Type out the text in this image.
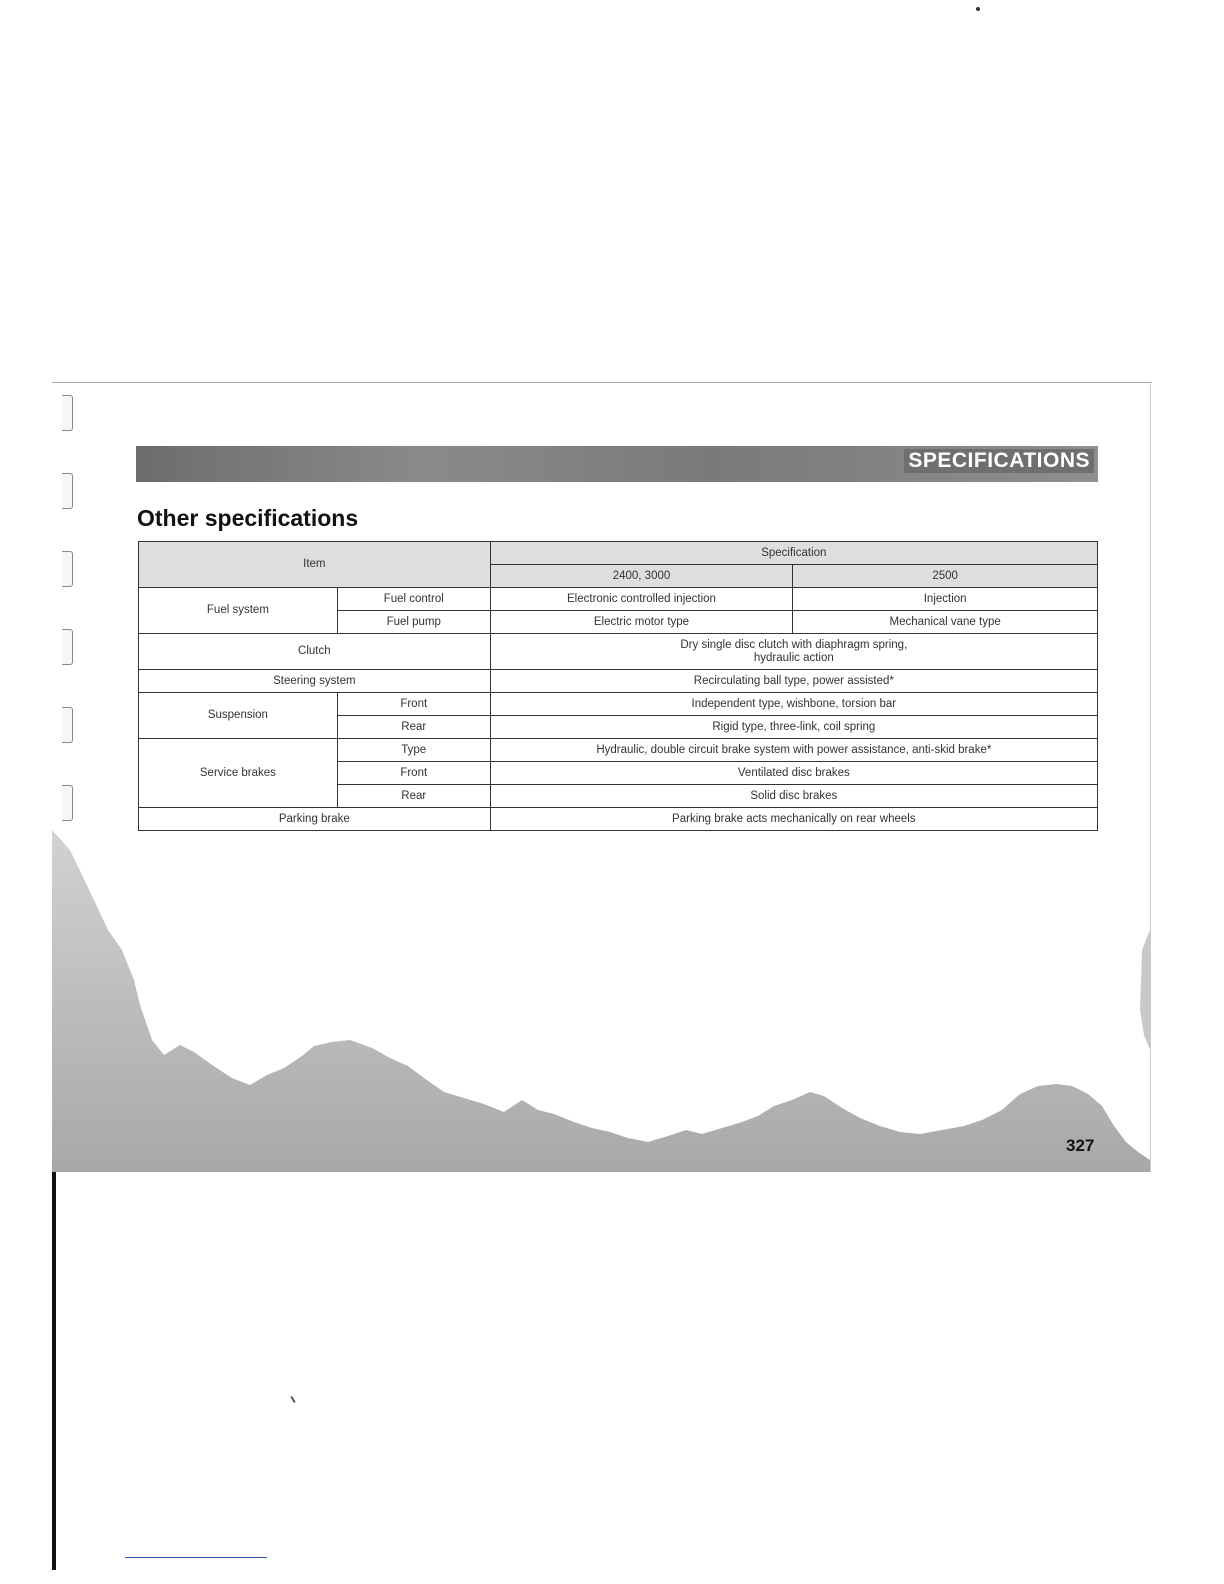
SPECIFICATIONS
Other specifications
Item		Specification	
		2400, 3000	2500
Fuel system	Fuel control	Electronic controlled injection	Injection
	Fuel pump	Electric motor type	Mechanical vane type
Clutch		Dry single disc clutch with diaphragm spring,
hydraulic action	
Steering system		Recirculating ball type, power assisted*	
Suspension	Front	Independent type, wishbone, torsion bar	
	Rear	Rigid type, three-link, coil spring	
Service brakes	Type	Hydraulic, double circuit brake system with power assistance, anti-skid brake*	
	Front	Ventilated disc brakes	
	Rear	Solid disc brakes	
Parking brake		Parking brake acts mechanically on rear wheels	
327
